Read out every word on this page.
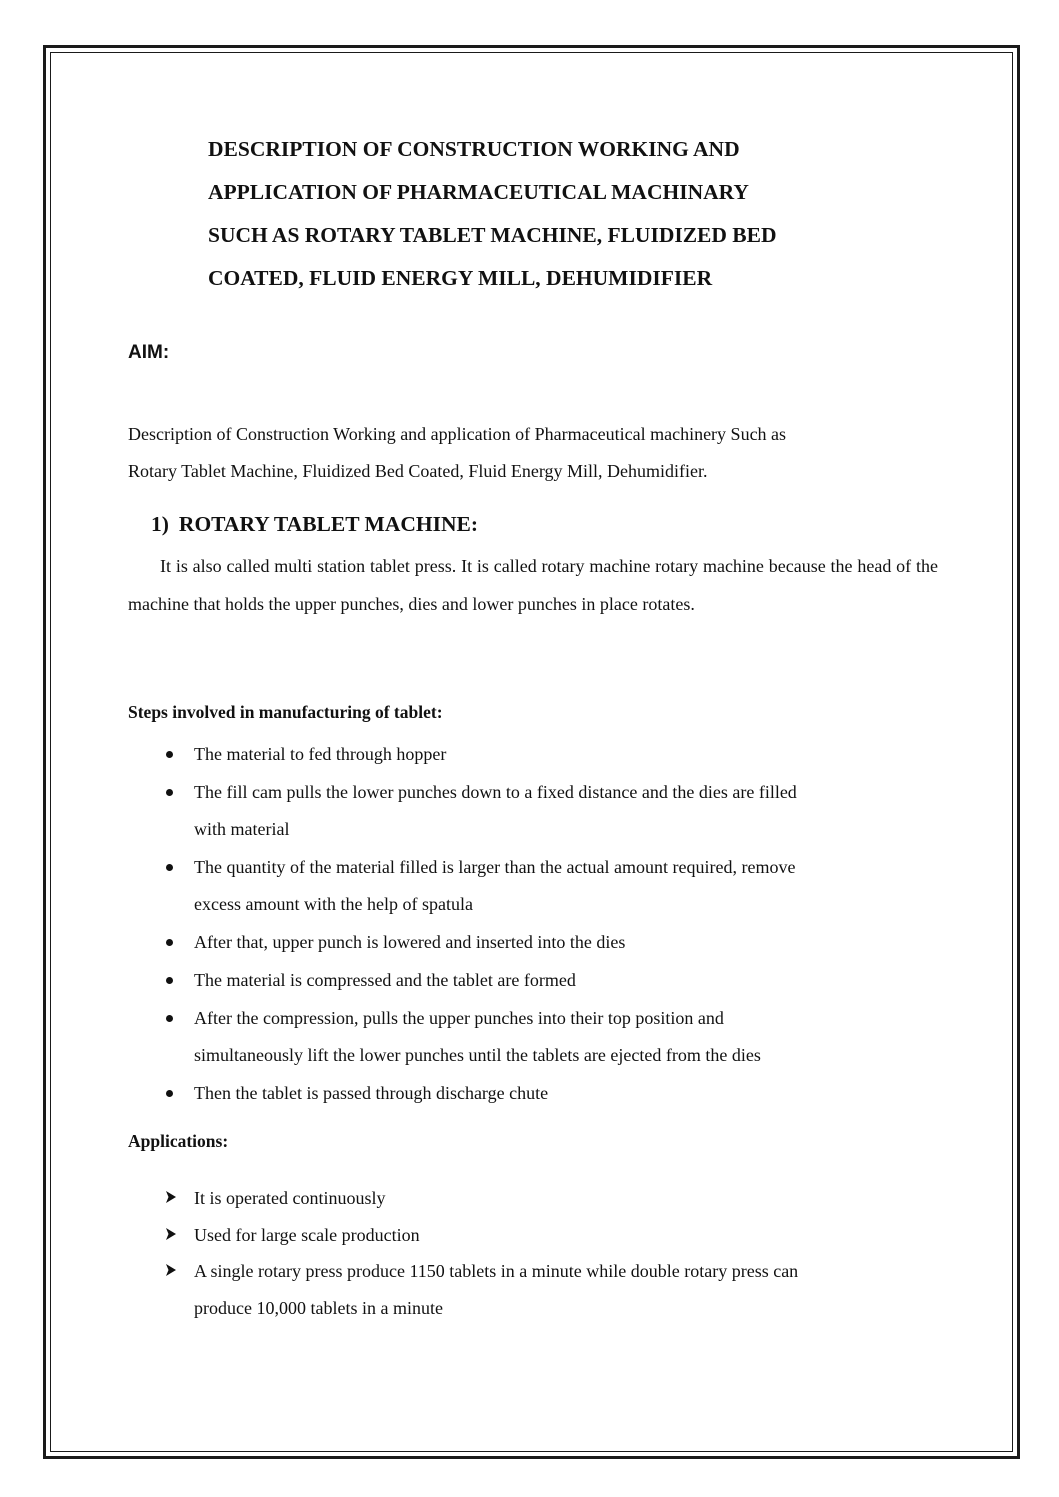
DESCRIPTION OF CONSTRUCTION WORKING AND
APPLICATION OF PHARMACEUTICAL MACHINARY
SUCH AS ROTARY TABLET MACHINE, FLUIDIZED BED
COATED, FLUID ENERGY MILL, DEHUMIDIFIER
AIM:

Description of Construction Working and application of Pharmaceutical machinery Such as
Rotary Tablet Machine, Fluidized Bed Coated, Fluid Energy Mill, Dehumidifier.

1) ROTARY TABLET MACHINE:

It is also called multi station tablet press. It is called rotary machine rotary machine because the head of the machine that holds the upper punches, dies and lower punches in place rotates.

Steps involved in manufacturing of tablet:
The material to fed through hopper
The fill cam pulls the lower punches down to a fixed distance and the dies are filled
with material
The quantity of the material filled is larger than the actual amount required, remove
excess amount with the help of spatula
After that, upper punch is lowered and inserted into the dies
The material is compressed and the tablet are formed
After the compression, pulls the upper punches into their top position and
simultaneously lift the lower punches until the tablets are ejected from the dies
Then the tablet is passed through discharge chute
Applications:
It is operated continuously
Used for large scale production
A single rotary press produce 1150 tablets in a minute while double rotary press can
produce 10,000 tablets in a minute
